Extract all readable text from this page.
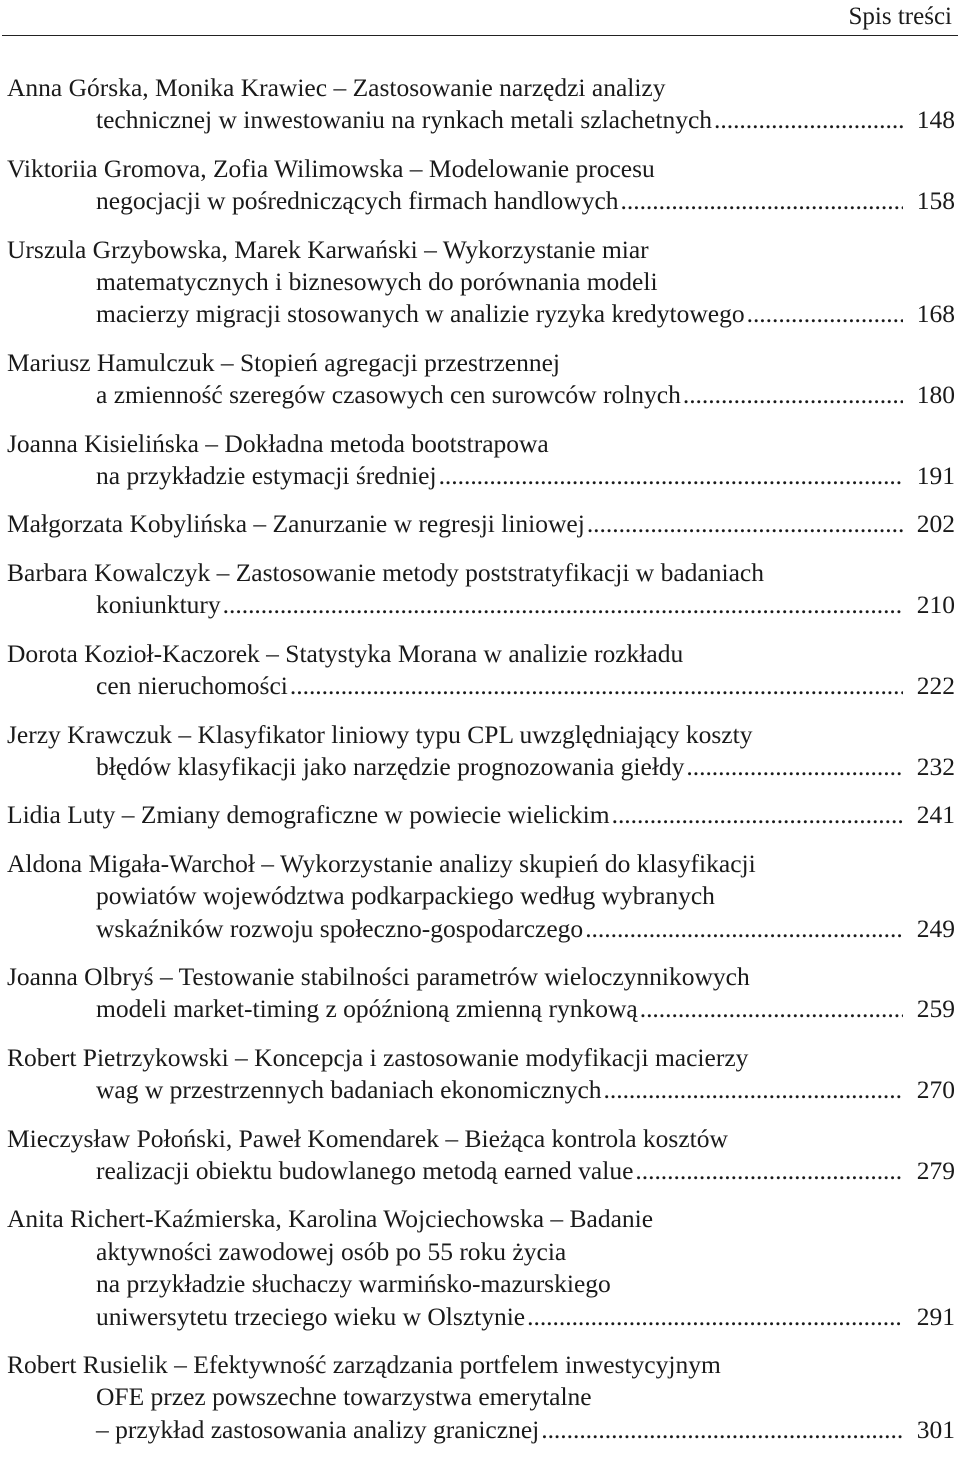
Spis treści
Anna Górska, Monika Krawiec – Zastosowanie narzędzi analizy
technicznej w inwestowaniu na rynkach metali szlachetnych . . .	148
Viktoriia Gromova, Zofia Wilimowska – Modelowanie procesu
negocjacji w pośredniczących firmach handlowych . . .	158
Urszula Grzybowska, Marek Karwański – Wykorzystanie miar
matematycznych i biznesowych do porównania modeli
macierzy migracji stosowanych w analizie ryzyka kredytowego . . .	168
Mariusz Hamulczuk – Stopień agregacji przestrzennej
a zmienność szeregów czasowych cen surowców rolnych . . .	180
Joanna Kisielińska – Dokładna metoda bootstrapowa
na przykładzie estymacji średniej . . .	191
Małgorzata Kobylińska – Zanurzanie w regresji liniowej . . .	202
Barbara Kowalczyk – Zastosowanie metody poststratyfikacji w badaniach
koniunktury . . .	210
Dorota Kozioł-Kaczorek – Statystyka Morana w analizie rozkładu
cen nieruchomości . . .	222
Jerzy Krawczuk – Klasyfikator liniowy typu CPL uwzględniający koszty
błędów klasyfikacji jako narzędzie prognozowania giełdy . . .	232
Lidia Luty – Zmiany demograficzne w powiecie wielickim . . .	241
Aldona Migała-Warchoł – Wykorzystanie analizy skupień do klasyfikacji
powiatów województwa podkarpackiego według wybranych
wskaźników rozwoju społeczno-gospodarczego . . .	249
Joanna Olbryś – Testowanie stabilności parametrów wieloczynnikowych
modeli market-timing z opóźnioną zmienną rynkową . . .	259
Robert Pietrzykowski – Koncepcja i zastosowanie modyfikacji macierzy
wag w przestrzennych badaniach ekonomicznych . . .	270
Mieczysław Połoński, Paweł Komendarek – Bieżąca kontrola kosztów
realizacji obiektu budowlanego metodą earned value . . .	279
Anita Richert-Kaźmierska, Karolina Wojciechowska – Badanie
aktywności zawodowej osób po 55 roku życia
na przykładzie słuchaczy warmińsko-mazurskiego
uniwersytetu trzeciego wieku w Olsztynie . . .	291
Robert Rusielik – Efektywność zarządzania portfelem inwestycyjnym
OFE przez powszechne towarzystwa emerytalne
– przykład zastosowania analizy granicznej . . .	301
